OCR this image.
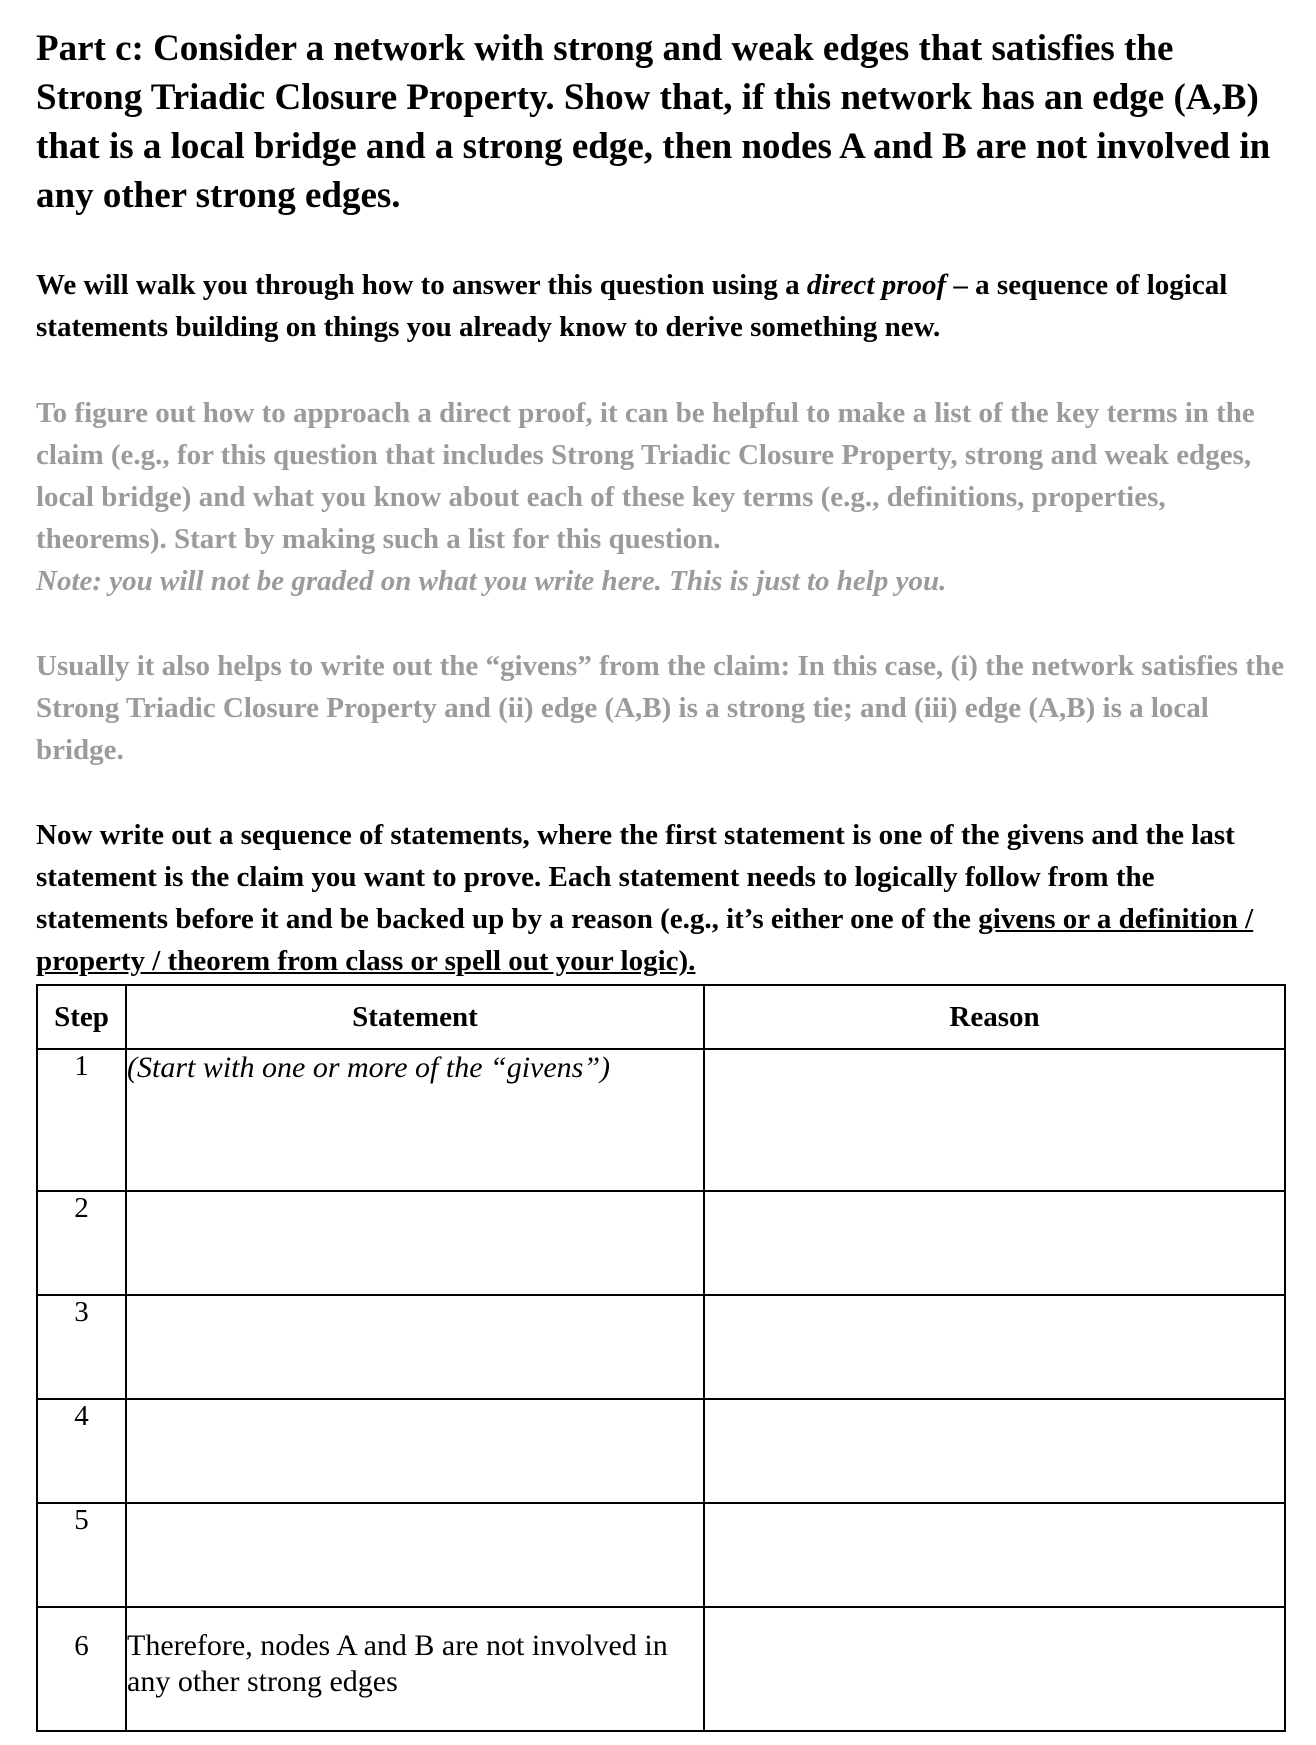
Part c: Consider a network with strong and weak edges that satisfies the Strong Triadic Closure Property. Show that, if this network has an edge (A,B) that is a local bridge and a strong edge, then nodes A and B are not involved in any other strong edges.

We will walk you through how to answer this question using a direct proof – a sequence of logical statements building on things you already know to derive something new.

To figure out how to approach a direct proof, it can be helpful to make a list of the key terms in the claim (e.g., for this question that includes Strong Triadic Closure Property, strong and weak edges, local bridge) and what you know about each of these key terms (e.g., definitions, properties, theorems). Start by making such a list for this question.
Note: you will not be graded on what you write here. This is just to help you.

Usually it also helps to write out the “givens” from the claim: In this case, (i) the network satisfies the Strong Triadic Closure Property and (ii) edge (A,B) is a strong tie; and (iii) edge (A,B) is a local bridge.

Now write out a sequence of statements, where the first statement is one of the givens and the last statement is the claim you want to prove. Each statement needs to logically follow from the statements before it and be backed up by a reason (e.g., it’s either one of the givens or a definition / property / theorem from class or spell out your logic).

Step	Statement	Reason
1	(Start with one or more of the “givens”)	
2		
3		
4		
5		
6	Therefore, nodes A and B are not involved in any other strong edges	
